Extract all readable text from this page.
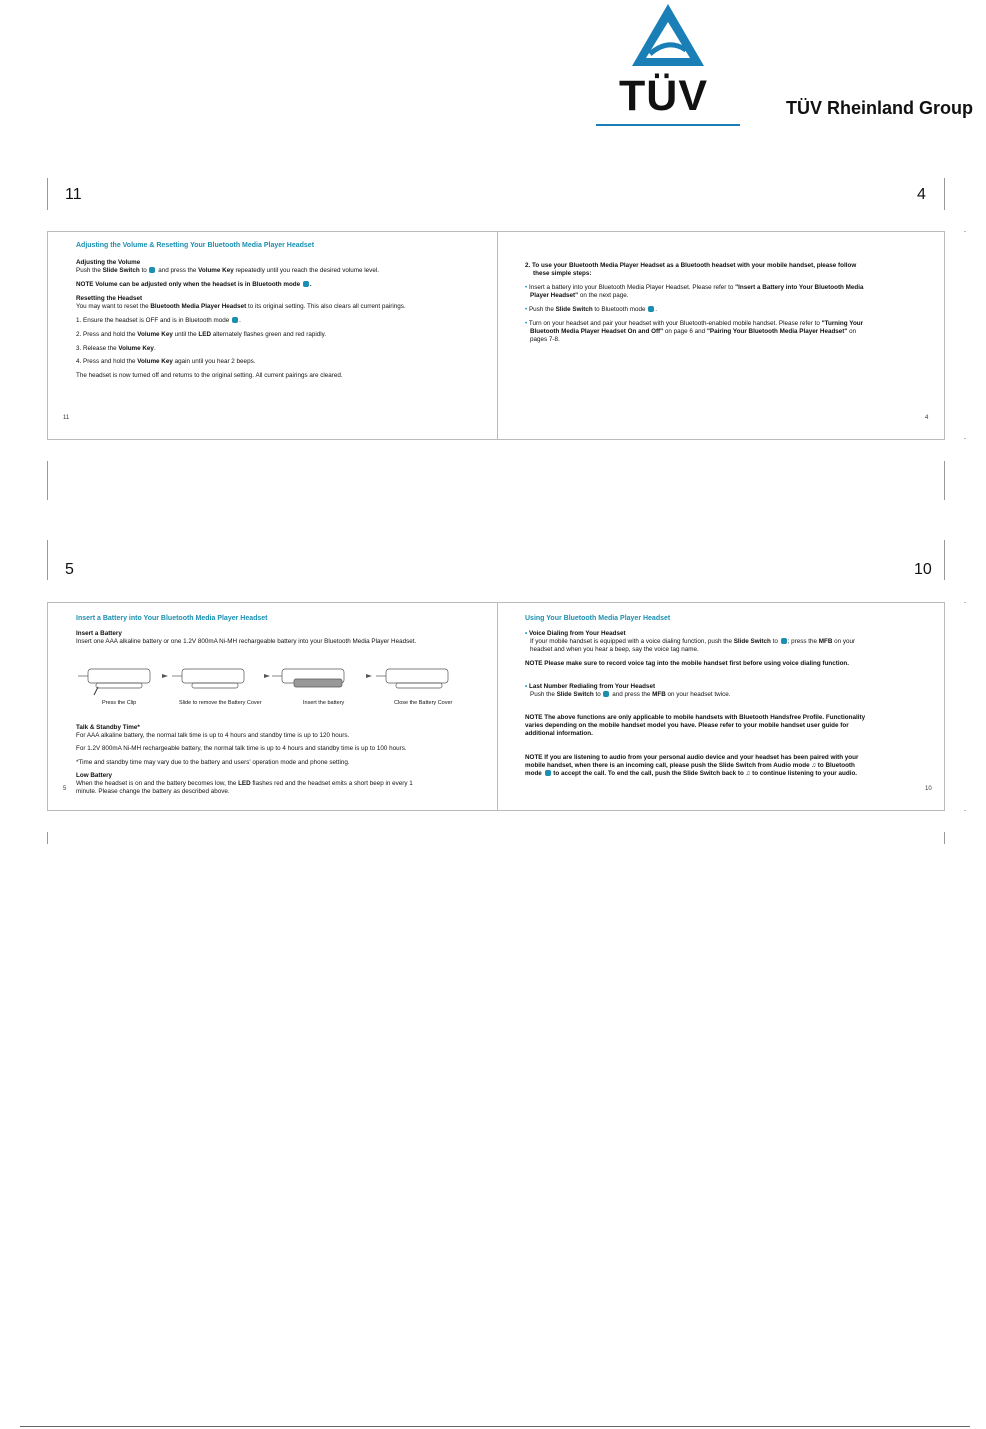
TÜV	TÜV Rheinland Group
11	4
Adjusting the Volume & Resetting Your Bluetooth Media Player Headset
Adjusting the Volume
Push the Slide Switch to  and press the Volume Key repeatedly until you reach the desired volume level.
NOTE Volume can be adjusted only when the headset is in Bluetooth mode .
Resetting the Headset
You may want to reset the Bluetooth Media Player Headset to its original setting. This also clears all current pairings.
1. Ensure the headset is OFF and is in Bluetooth mode .
2. Press and hold the Volume Key until the LED alternately flashes green and red rapidly.
3. Release the Volume Key.
4. Press and hold the Volume Key again until you hear 2 beeps.
The headset is now turned off and returns to the original setting. All current pairings are cleared.
11
2. To use your Bluetooth Media Player Headset as a Bluetooth headset with your mobile handset, please follow
these simple steps:
• Insert a battery into your Bluetooth Media Player Headset. Please refer to "Insert a Battery into Your Bluetooth Media
Player Headset" on the next page.
• Push the Slide Switch to Bluetooth mode .
• Turn on your headset and pair your headset with your Bluetooth-enabled mobile handset. Please refer to "Turning Your
Bluetooth Media Player Headset On and Off" on page 6 and "Pairing Your Bluetooth Media Player Headset" on
pages 7-8.
4
5	10
Insert a Battery into Your Bluetooth Media Player Headset
Insert a Battery
Insert one AAA alkaline battery or one 1.2V 800mA Ni-MH rechargeable battery into your Bluetooth Media Player Headset.
Press the Clip	Slide to remove the Battery Cover	Insert the battery	Close the Battery Cover
Talk & Standby Time*
For AAA alkaline battery, the normal talk time is up to 4 hours and standby time is up to 120 hours.
For 1.2V 800mA Ni-MH rechargeable battery, the normal talk time is up to 4 hours and standby time is up to 100 hours.
*Time and standby time may vary due to the battery and users' operation mode and phone setting.
Low Battery
When the headset is on and the battery becomes low, the LED flashes red and the headset emits a short beep in every 1
minute. Please change the battery as described above.
5
Using Your Bluetooth Media Player Headset
• Voice Dialing from Your Headset
If your mobile handset is equipped with a voice dialing function, push the Slide Switch to ; press the MFB on your
headset and when you hear a beep, say the voice tag name.
NOTE Please make sure to record voice tag into the mobile handset first before using voice dialing function.
• Last Number Redialing from Your Headset
Push the Slide Switch to  and press the MFB on your headset twice.
NOTE The above functions are only applicable to mobile handsets with Bluetooth Handsfree Profile. Functionality
varies depending on the mobile handset model you have. Please refer to your mobile handset user guide for
additional information.
NOTE If you are listening to audio from your personal audio device and your headset has been paired with your
mobile handset, when there is an incoming call, please push the Slide Switch from Audio mode ♫ to Bluetooth
mode  to accept the call. To end the call, push the Slide Switch back to ♫ to continue listening to your audio.
10
